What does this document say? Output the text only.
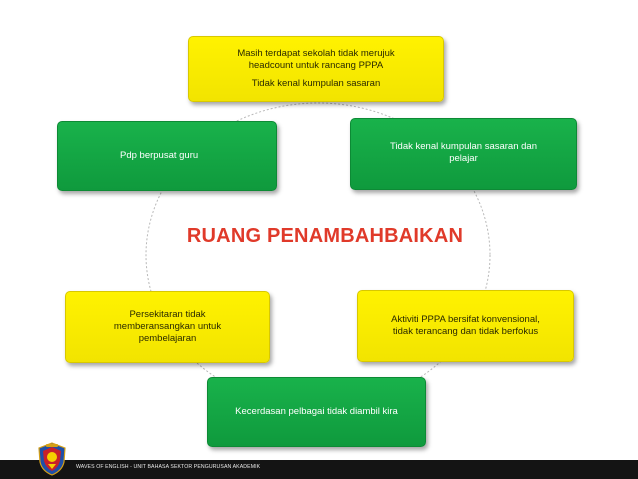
Masih terdapat sekolah tidak merujuk
headcount untuk rancang PPPA
Tidak kenal kumpulan sasaran
Tidak kenal kumpulan sasaran dan
pelajar
Pdp berpusat guru
RUANG PENAMBAHBAIKAN
Persekitaran tidak
memberansangkan untuk
pembelajaran
Aktiviti PPPA bersifat konvensional,
tidak terancang dan tidak berfokus
Kecerdasan pelbagai tidak diambil kira
WAVES OF ENGLISH - UNIT BAHASA SEKTOR PENGURUSAN AKADEMIK
